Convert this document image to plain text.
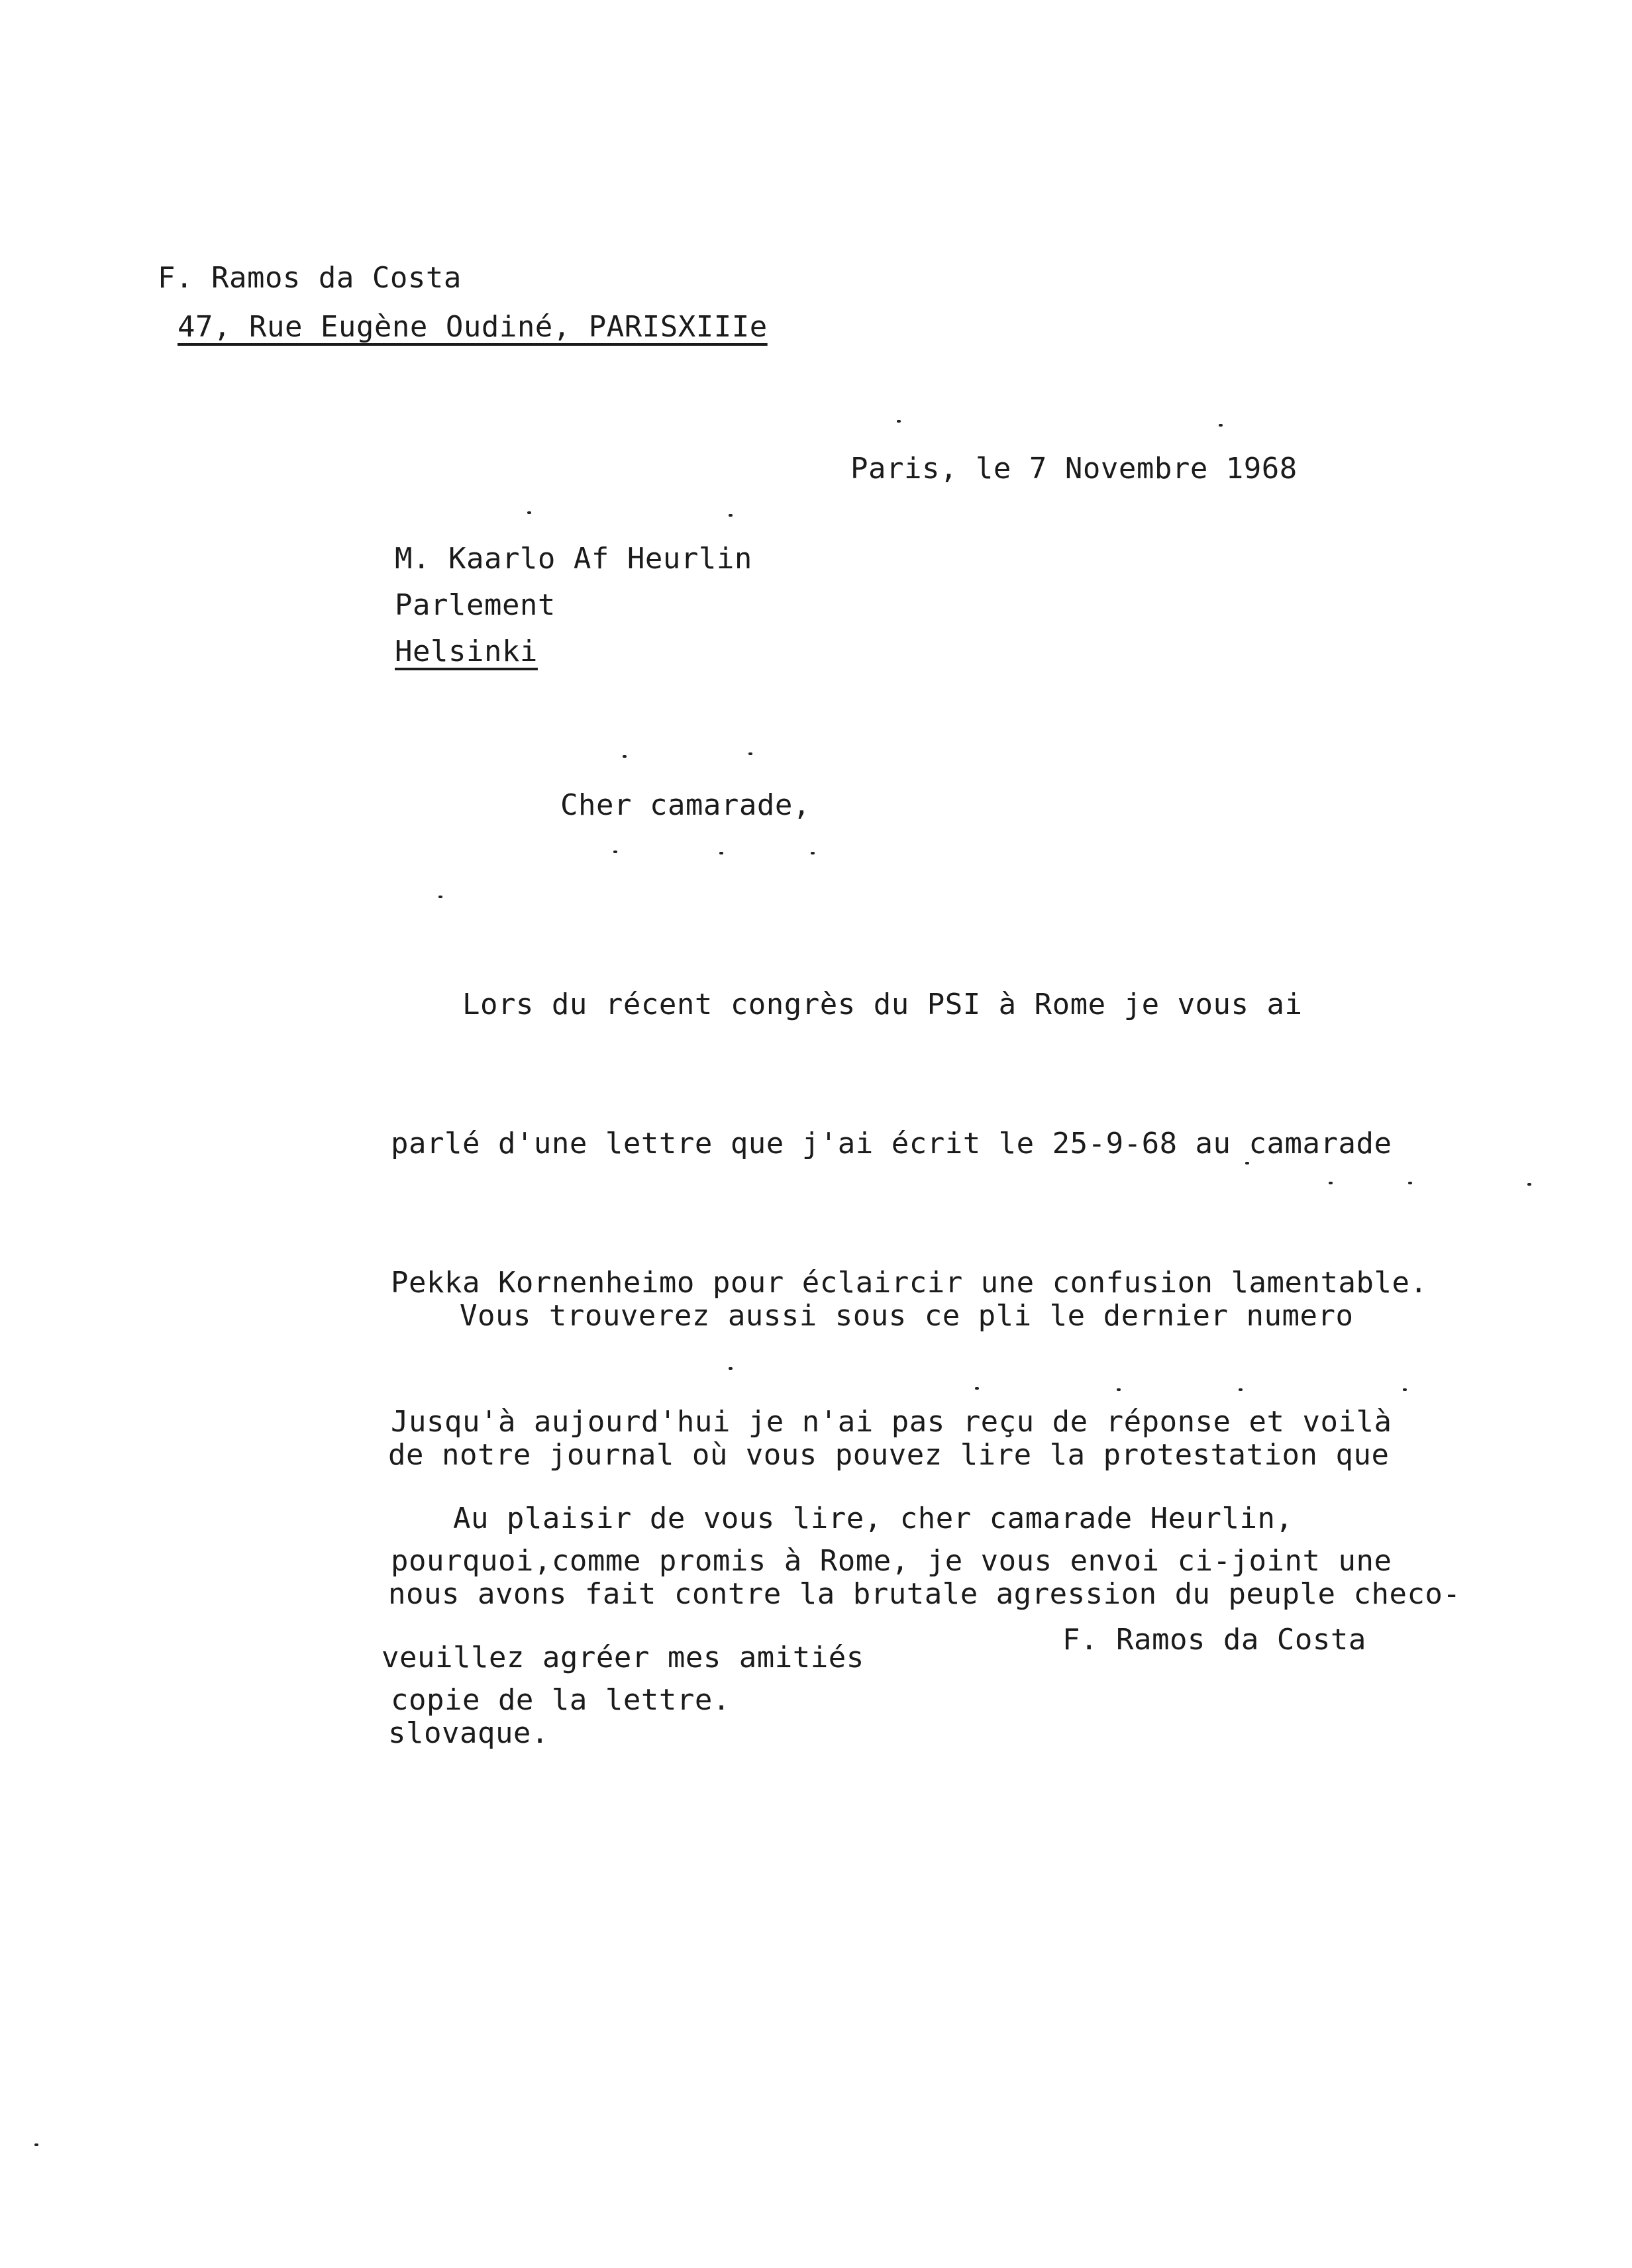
F. Ramos da Costa
47, Rue Eugène Oudiné, PARISXIIIe
Paris, le 7 Novembre 1968
M. Kaarlo Af Heurlin
Parlement
Helsinki
Cher camarade,

Lors du récent congrès du PSI à Rome je vous ai

parlé d'une lettre que j'ai écrit le 25-9-68 au camarade

Pekka Kornenheimo pour éclaircir une confusion lamentable.

Jusqu'à aujourd'hui je n'ai pas reçu de réponse et voilà

pourquoi,comme promis à Rome, je vous envoi ci-joint une

copie de la lettre.

Vous trouverez aussi sous ce pli le dernier numero

de notre journal où vous pouvez lire la protestation que

nous avons fait contre la brutale agression du peuple checo-

slovaque.

Au plaisir de vous lire, cher camarade Heurlin,

veuillez agréer mes amitiés

F. Ramos da Costa
